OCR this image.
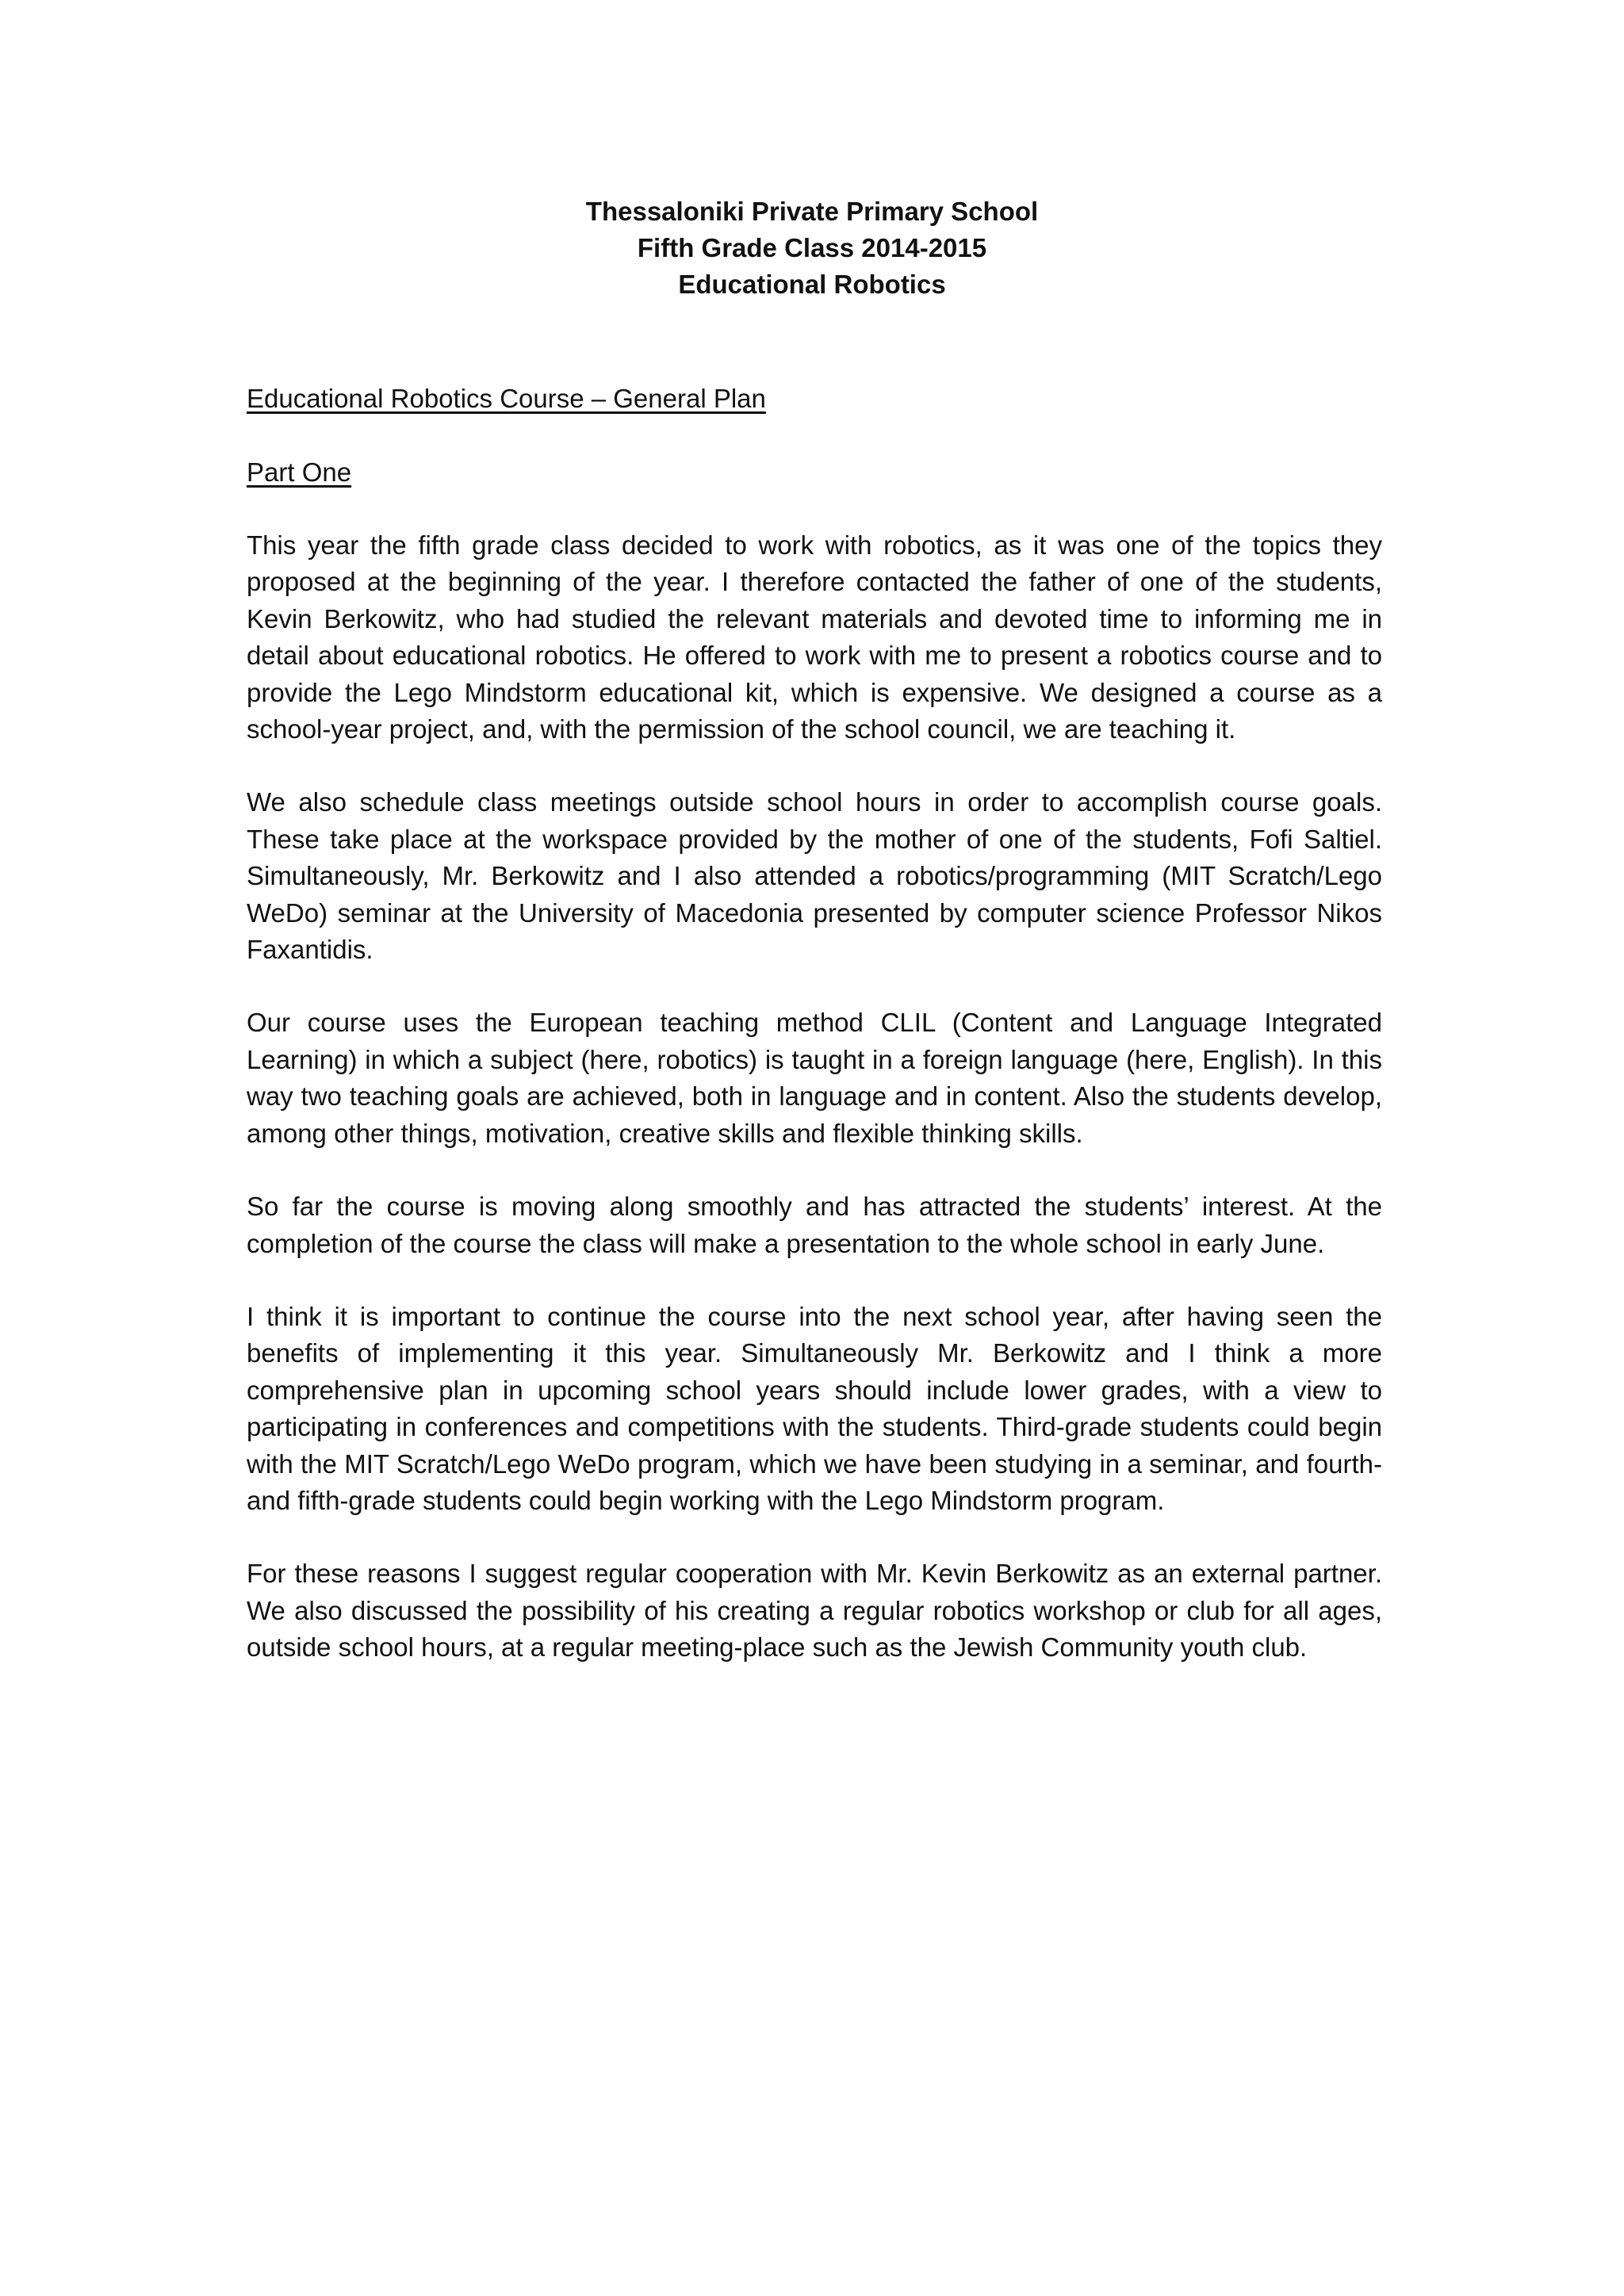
Thessaloniki Private Primary School

Fifth Grade Class 2014-2015

Educational Robotics

Educational Robotics Course – General Plan

Part One

This year the fifth grade class decided to work with robotics, as it was one of the topics they proposed at the beginning of the year. I therefore contacted the father of one of the students, Kevin Berkowitz, who had studied the relevant materials and devoted time to informing me in detail about educational robotics. He offered to work with me to present a robotics course and to provide the Lego Mindstorm educational kit, which is expensive. We designed a course as a school-year project, and, with the permission of the school council, we are teaching it.

We also schedule class meetings outside school hours in order to accomplish course goals. These take place at the workspace provided by the mother of one of the students, Fofi Saltiel. Simultaneously, Mr. Berkowitz and I also attended a robotics/programming (MIT Scratch/Lego WeDo) seminar at the University of Macedonia presented by computer science Professor Nikos Faxantidis.

Our course uses the European teaching method CLIL (Content and Language Integrated Learning) in which a subject (here, robotics) is taught in a foreign language (here, English). In this way two teaching goals are achieved, both in language and in content. Also the students develop, among other things, motivation, creative skills and flexible thinking skills.

So far the course is moving along smoothly and has attracted the students’ interest. At the completion of the course the class will make a presentation to the whole school in early June.

I think it is important to continue the course into the next school year, after having seen the benefits of implementing it this year. Simultaneously Mr. Berkowitz and I think a more comprehensive plan in upcoming school years should include lower grades, with a view to participating in conferences and competitions with the students. Third-grade students could begin with the MIT Scratch/Lego WeDo program, which we have been studying in a seminar, and fourth- and fifth-grade students could begin working with the Lego Mindstorm program.

For these reasons I suggest regular cooperation with Mr. Kevin Berkowitz as an external partner. We also discussed the possibility of his creating a regular robotics workshop or club for all ages, outside school hours, at a regular meeting-place such as the Jewish Community youth club.
